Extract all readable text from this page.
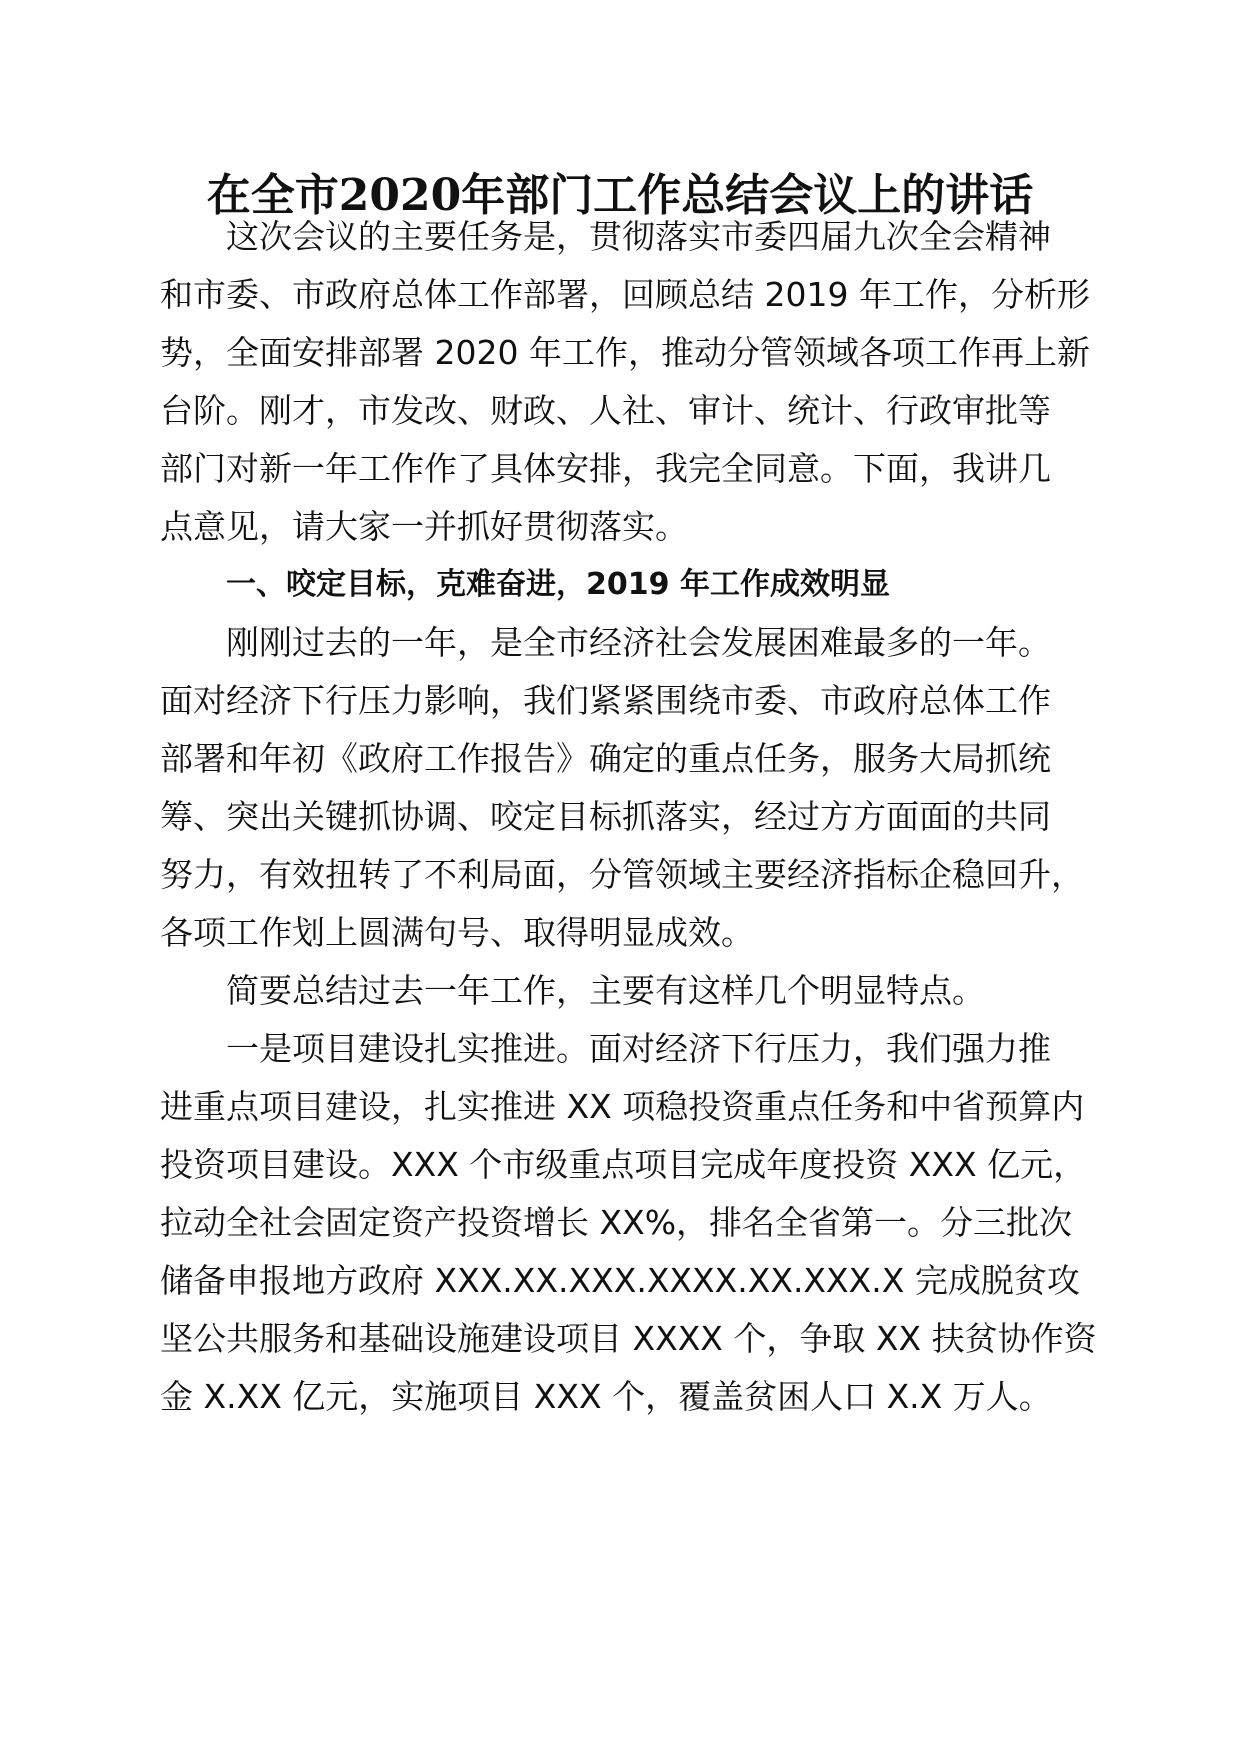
在全市2020年部门工作总结会议上的讲话
这次会议的主要任务是，贯彻落实市委四届九次全会精神
和市委、市政府总体工作部署，回顾总结 2019 年工作，分析形
势，全面安排部署 2020 年工作，推动分管领域各项工作再上新
台阶。刚才，市发改、财政、人社、审计、统计、行政审批等
部门对新一年工作作了具体安排，我完全同意。下面，我讲几
点意见，请大家一并抓好贯彻落实。
一、咬定目标，克难奋进，2019 年工作成效明显
刚刚过去的一年，是全市经济社会发展困难最多的一年。
面对经济下行压力影响，我们紧紧围绕市委、市政府总体工作
部署和年初《政府工作报告》确定的重点任务，服务大局抓统
筹、突出关键抓协调、咬定目标抓落实，经过方方面面的共同
努力，有效扭转了不利局面，分管领域主要经济指标企稳回升，
各项工作划上圆满句号、取得明显成效。
简要总结过去一年工作，主要有这样几个明显特点。
一是项目建设扎实推进。面对经济下行压力，我们强力推
进重点项目建设，扎实推进 XX 项稳投资重点任务和中省预算内
投资项目建设。XXX 个市级重点项目完成年度投资 XXX 亿元，
拉动全社会固定资产投资增长 XX%，排名全省第一。分三批次
储备申报地方政府 XXX.XX.XXX.XXXX.XX.XXX.X 完成脱贫攻
坚公共服务和基础设施建设项目 XXXX 个，争取 XX 扶贫协作资
金 X.XX 亿元，实施项目 XXX 个，覆盖贫困人口 X.X 万人。
